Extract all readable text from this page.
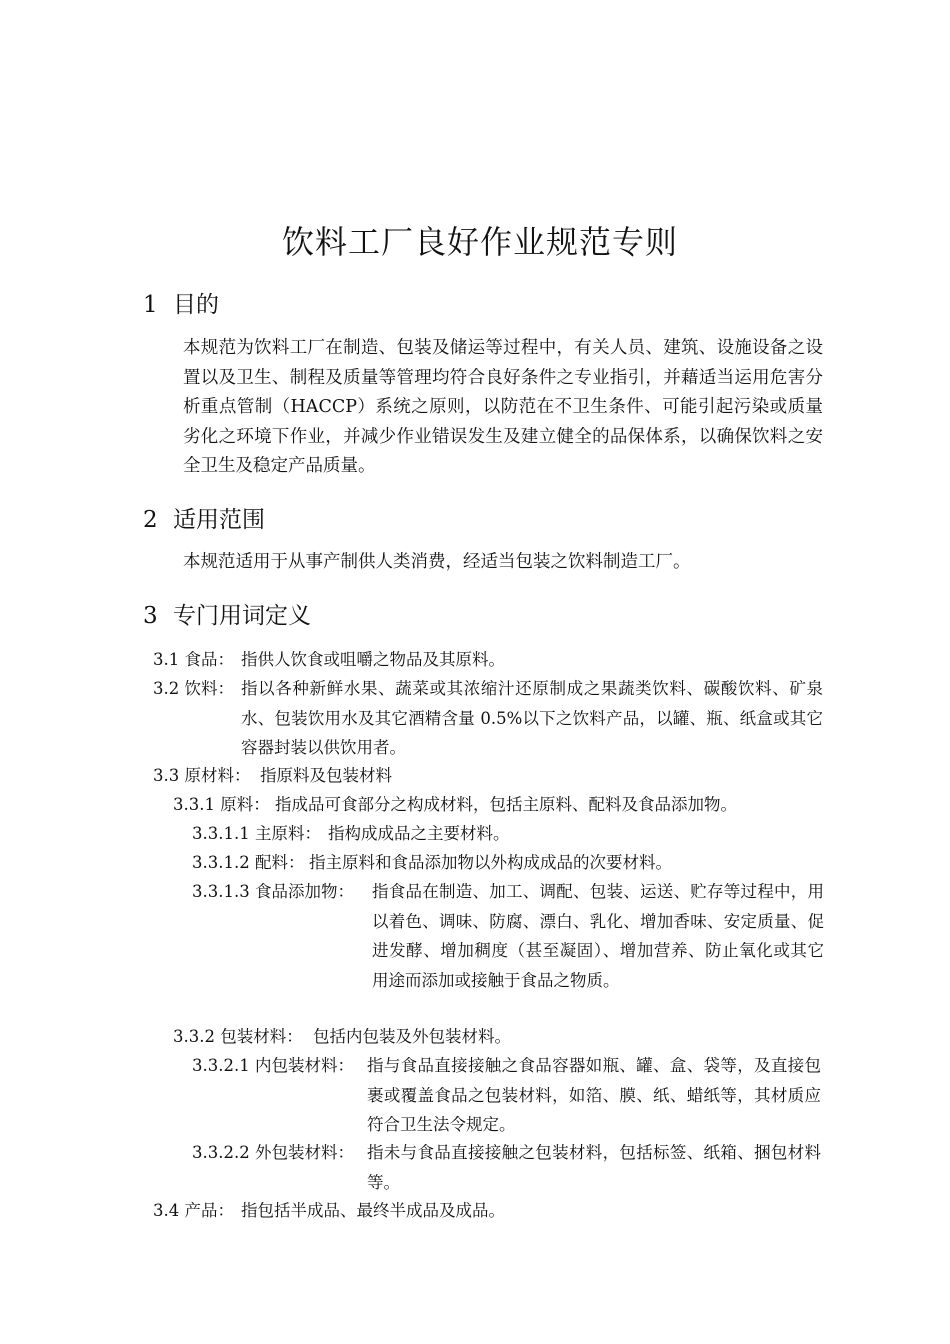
饮料工厂良好作业规范专则
1 目的
本规范为饮料工厂在制造、包装及储运等过程中，有关人员、建筑、设施设备之设置以及卫生、制程及质量等管理均符合良好条件之专业指引，并藉适当运用危害分析重点管制（HACCP）系统之原则，以防范在不卫生条件、可能引起污染或质量劣化之环境下作业，并减少作业错误发生及建立健全的品保体系，以确保饮料之安全卫生及稳定产品质量。
2 适用范围
本规范适用于从事产制供人类消费，经适当包装之饮料制造工厂。
3 专门用词定义
3.1 食品： 指供人饮食或咀嚼之物品及其原料。
3.2 饮料： 指以各种新鲜水果、蔬菜或其浓缩汁还原制成之果蔬类饮料、碳酸饮料、矿泉水、包装饮用水及其它酒精含量 0.5%以下之饮料产品，以罐、瓶、纸盒或其它容器封装以供饮用者。
3.3 原材料： 指原料及包装材料
3.3.1 原料： 指成品可食部分之构成材料，包括主原料、配料及食品添加物。
3.3.1.1 主原料： 指构成成品之主要材料。
3.3.1.2 配料： 指主原料和食品添加物以外构成成品的次要材料。
3.3.1.3 食品添加物： 指食品在制造、加工、调配、包装、运送、贮存等过程中，用以着色、调味、防腐、漂白、乳化、增加香味、安定质量、促进发酵、增加稠度（甚至凝固）、增加营养、防止氧化或其它用途而添加或接触于食品之物质。
3.3.2 包装材料： 包括内包装及外包装材料。
3.3.2.1 内包装材料： 指与食品直接接触之食品容器如瓶、罐、盒、袋等，及直接包裹或覆盖食品之包装材料，如箔、膜、纸、蜡纸等，其材质应符合卫生法令规定。
3.3.2.2 外包装材料： 指未与食品直接接触之包装材料，包括标签、纸箱、捆包材料等。
3.4 产品： 指包括半成品、最终半成品及成品。
